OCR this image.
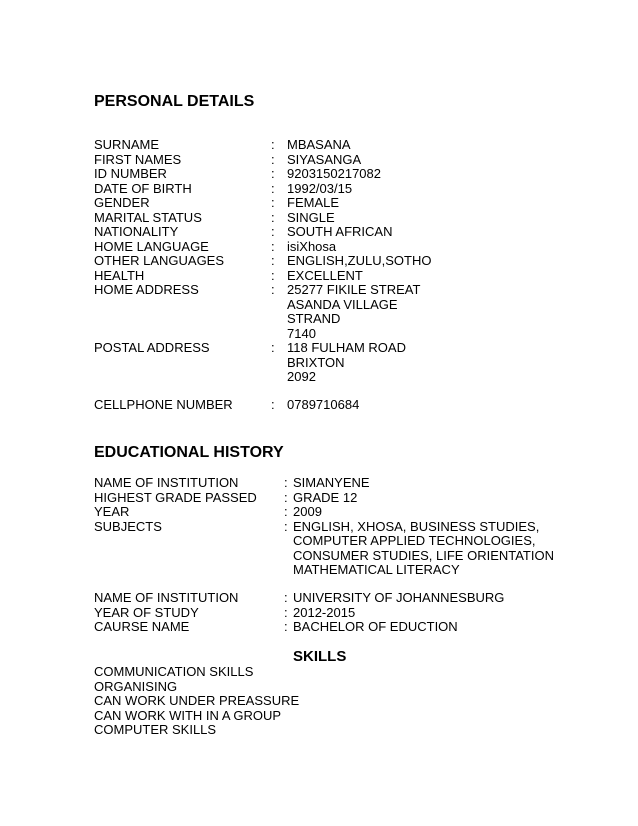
PERSONAL DETAILS
SURNAME	: MBASANA
FIRST NAMES	: SIYASANGA
ID NUMBER	: 9203150217082
DATE OF BIRTH	: 1992/03/15
GENDER	: FEMALE
MARITAL STATUS	: SINGLE
NATIONALITY	: SOUTH AFRICAN
HOME LANGUAGE	: isiXhosa
OTHER LANGUAGES	: ENGLISH,ZULU,SOTHO
HEALTH	: EXCELLENT
HOME ADDRESS	: 25277 FIKILE STREAT
ASANDA VILLAGE
STRAND
7140
POSTAL ADDRESS	: 118 FULHAM ROAD
BRIXTON
2092
CELLPHONE NUMBER	: 0789710684
EDUCATIONAL HISTORY
NAME OF INSTITUTION	: SIMANYENE
HIGHEST GRADE PASSED : GRADE 12
YEAR	: 2009
SUBJECTS	: ENGLISH, XHOSA, BUSINESS STUDIES,
COMPUTER APPLIED TECHNOLOGIES,
CONSUMER STUDIES, LIFE ORIENTATION
MATHEMATICAL LITERACY
NAME OF INSTITUTION	: UNIVERSITY OF JOHANNESBURG
YEAR OF STUDY	: 2012-2015
CAURSE NAME	: BACHELOR OF EDUCTION
SKILLS
COMMUNICATION SKILLS
ORGANISING
CAN WORK UNDER PREASSURE
CAN WORK WITH IN A GROUP
COMPUTER SKILLS
